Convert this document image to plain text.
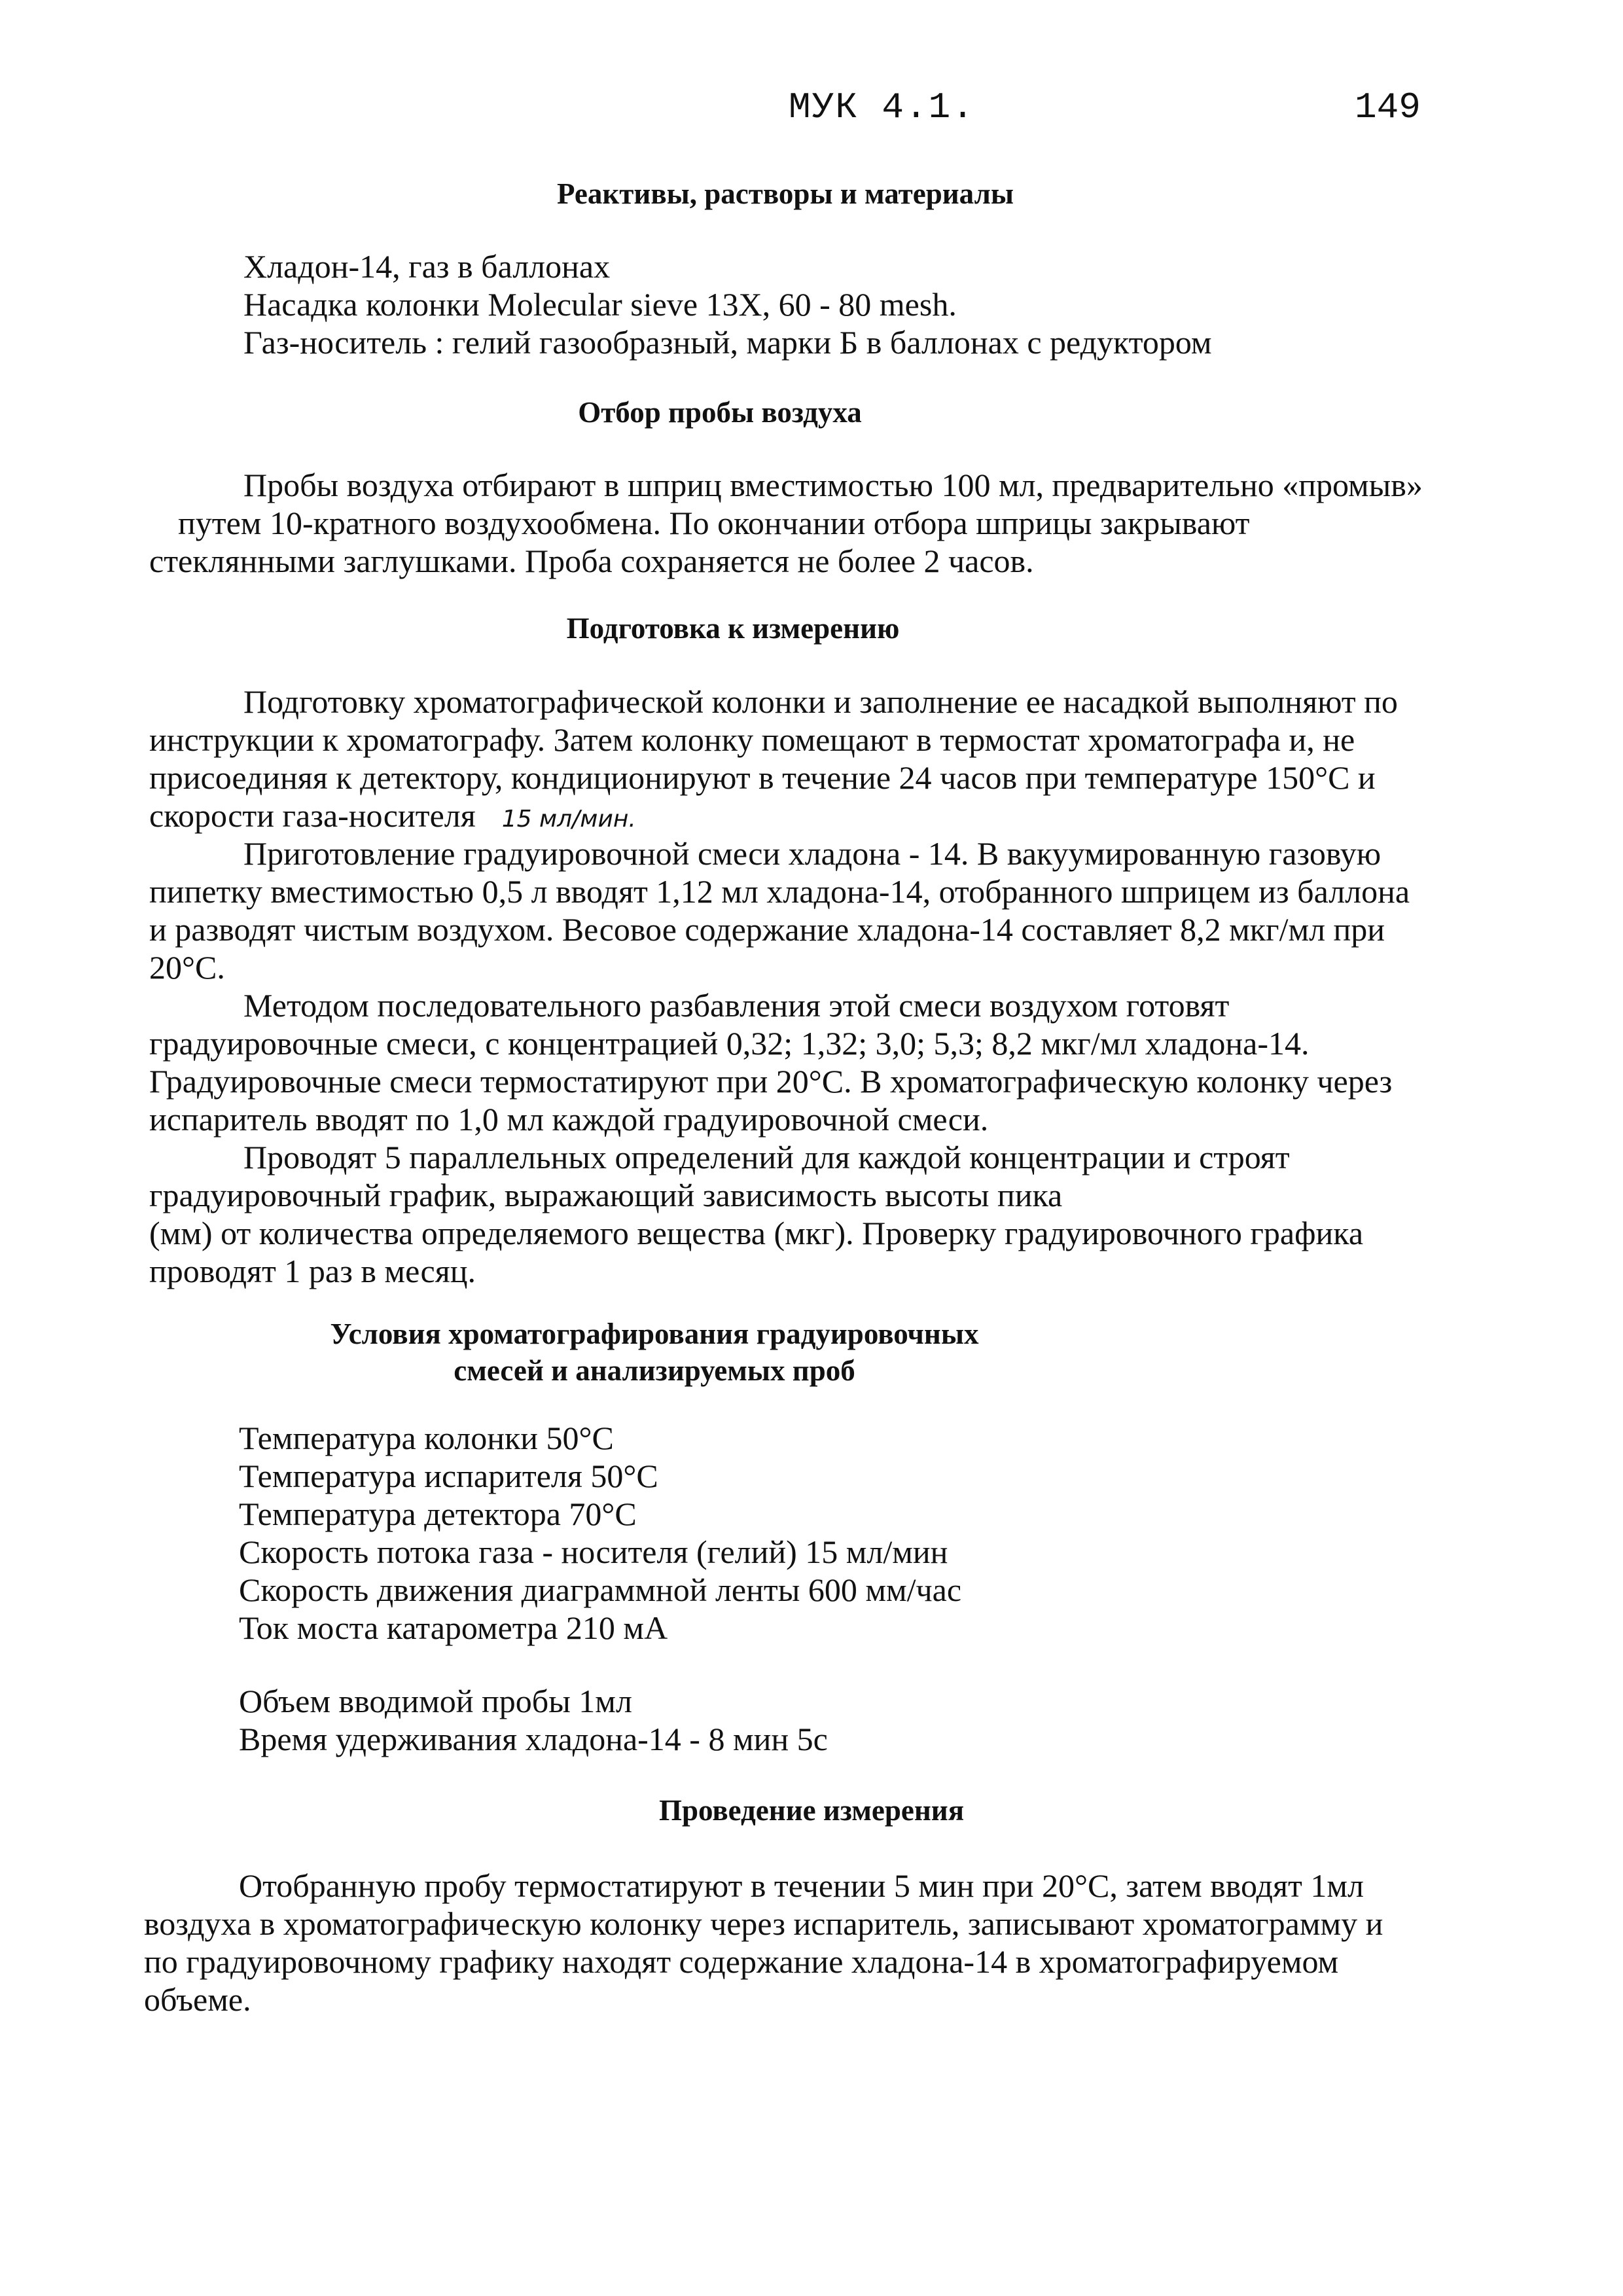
МУК 4.1.	149
Реактивы, растворы и материалы
Хладон-14, газ в баллонах
Насадка колонки Molecular sieve 13X, 60 - 80 mesh.
Газ-носитель : гелий газообразный, марки Б в баллонах с редуктором
Отбор пробы воздуха
Пробы воздуха отбирают в шприц вместимостью 100 мл, предварительно «промыв»
путем 10-кратного воздухообмена. По окончании отбора шприцы закрывают
стеклянными заглушками. Проба сохраняется не более 2 часов.
Подготовка к измерению
Подготовку хроматографической колонки и заполнение ее насадкой выполняют по
инструкции к хроматографу. Затем колонку помещают в термостат хроматографа и, не
присоединяя к детектору, кондиционируют в течение 24 часов при температуре 150°С и
скорости газа-носителя 15 мл/мин.
Приготовление градуировочной смеси хладона - 14. В вакуумированную газовую
пипетку вместимостью 0,5 л вводят 1,12 мл хладона-14, отобранного шприцем из баллона
и разводят чистым воздухом. Весовое содержание хладона-14 составляет 8,2 мкг/мл при
20°С.
Методом последовательного разбавления этой смеси воздухом готовят
градуировочные смеси, с концентрацией 0,32; 1,32; 3,0; 5,3; 8,2 мкг/мл хладона-14.
Градуировочные смеси термостатируют при 20°С. В хроматографическую колонку через
испаритель вводят по 1,0 мл каждой градуировочной смеси.
Проводят 5 параллельных определений для каждой концентрации и строят
градуировочный график, выражающий зависимость высоты пика
(мм) от количества определяемого вещества (мкг). Проверку градуировочного графика
проводят 1 раз в месяц.
Условия хроматографирования градуировочных
смесей и анализируемых проб
Температура колонки 50°С
Температура испарителя 50°С
Температура детектора 70°С
Скорость потока газа - носителя (гелий) 15 мл/мин
Скорость движения диаграммной ленты 600 мм/час
Ток моста катарометра 210 мА
Объем вводимой пробы 1мл
Время удерживания хладона-14 - 8 мин 5с
Проведение измерения
Отобранную пробу термостатируют в течении 5 мин при 20°С, затем вводят 1мл
воздуха в хроматографическую колонку через испаритель, записывают хроматограмму и
по градуировочному графику находят содержание хладона-14 в хроматографируемом
объеме.
